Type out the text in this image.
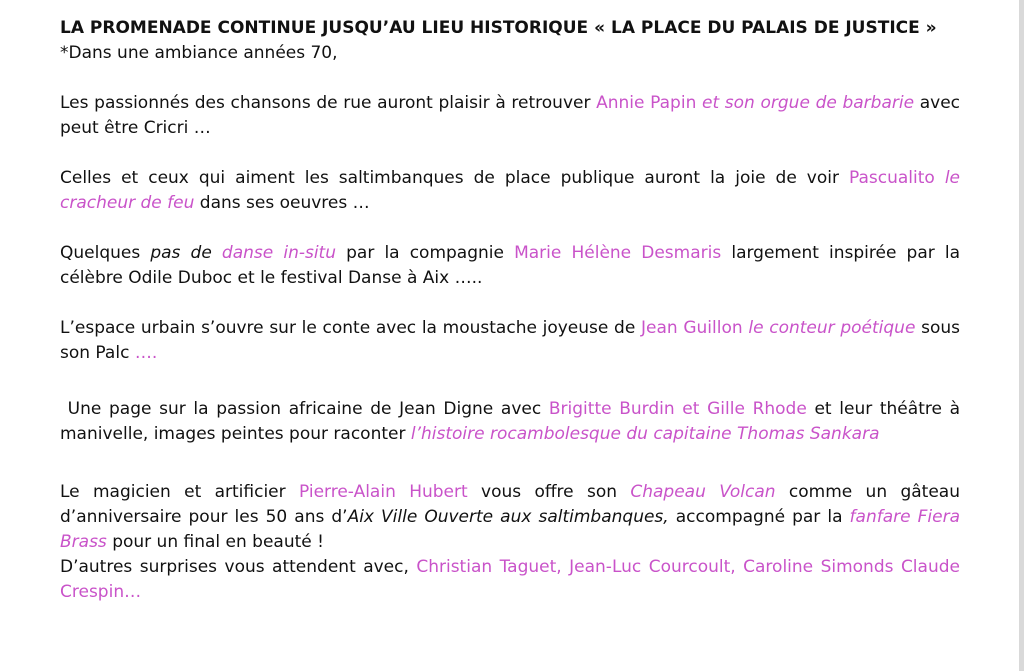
LA PROMENADE CONTINUE JUSQU’AU LIEU HISTORIQUE « LA PLACE DU PALAIS DE JUSTICE »
*Dans une ambiance années 70,

Les passionnés des chansons de rue auront plaisir à retrouver Annie Papin et son orgue de barbarie avec peut être Cricri …

Celles et ceux qui aiment les saltimbanques de place publique auront la joie de voir Pascualito le cracheur de feu dans ses oeuvres …

Quelques pas de danse in-situ par la compagnie Marie Hélène Desmaris largement inspirée par la célèbre Odile Duboc et le festival Danse à Aix …..

L’espace urbain s’ouvre sur le conte avec la moustache joyeuse de Jean Guillon le conteur poétique sous son Palc ….

Une page sur la passion africaine de Jean Digne avec Brigitte Burdin et Gille Rhode et leur théâtre à manivelle, images peintes pour raconter l’histoire rocambolesque du capitaine Thomas Sankara

Le magicien et artificier Pierre-Alain Hubert vous offre son Chapeau Volcan comme un gâteau d’anniversaire pour les 50 ans d’Aix Ville Ouverte aux saltimbanques, accompagné par la fanfare Fiera Brass pour un final en beauté !

D’autres surprises vous attendent avec, Christian Taguet, Jean-Luc Courcoult, Caroline Simonds Claude Crespin…
